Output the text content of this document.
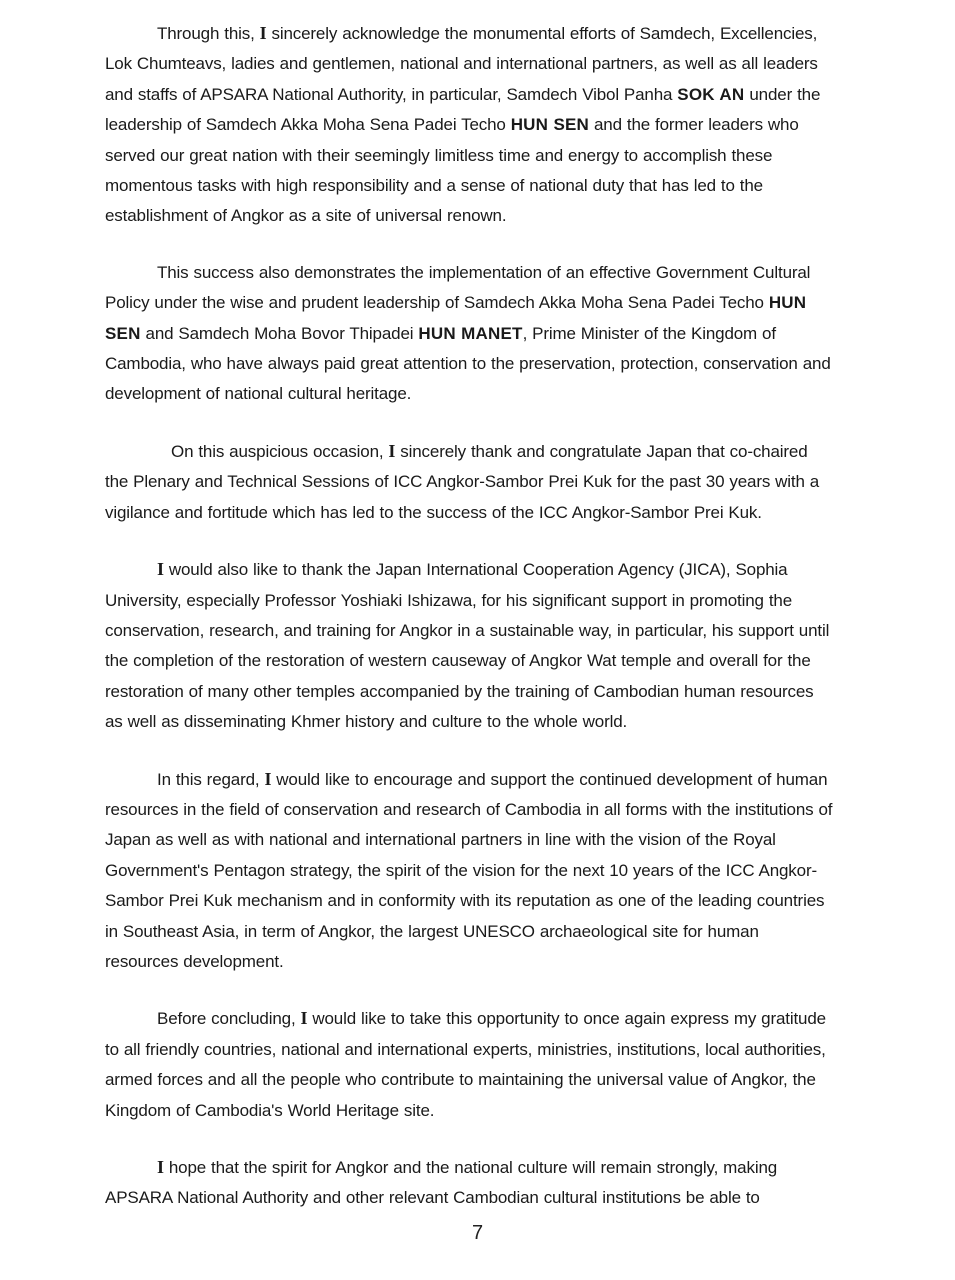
Through this, I sincerely acknowledge the monumental efforts of Samdech, Excellencies, Lok Chumteavs, ladies and gentlemen, national and international partners, as well as all leaders and staffs of APSARA National Authority, in particular, Samdech Vibol Panha SOK AN under the leadership of Samdech Akka Moha Sena Padei Techo HUN SEN and the former leaders who served our great nation with their seemingly limitless time and energy to accomplish these momentous tasks with high responsibility and a sense of national duty that has led to the establishment of Angkor as a site of universal renown.

This success also demonstrates the implementation of an effective Government Cultural Policy under the wise and prudent leadership of Samdech Akka Moha Sena Padei Techo HUN SEN and Samdech Moha Bovor Thipadei HUN MANET, Prime Minister of the Kingdom of Cambodia, who have always paid great attention to the preservation, protection, conservation and development of national cultural heritage.

On this auspicious occasion, I sincerely thank and congratulate Japan that co-chaired the Plenary and Technical Sessions of ICC Angkor-Sambor Prei Kuk for the past 30 years with a vigilance and fortitude which has led to the success of the ICC Angkor-Sambor Prei Kuk.

I would also like to thank the Japan International Cooperation Agency (JICA), Sophia University, especially Professor Yoshiaki Ishizawa, for his significant support in promoting the conservation, research, and training for Angkor in a sustainable way, in particular, his support until the completion of the restoration of western causeway of Angkor Wat temple and overall for the restoration of many other temples accompanied by the training of Cambodian human resources as well as disseminating Khmer history and culture to the whole world.

In this regard, I would like to encourage and support the continued development of human resources in the field of conservation and research of Cambodia in all forms with the institutions of Japan as well as with national and international partners in line with the vision of the Royal Government's Pentagon strategy, the spirit of the vision for the next 10 years of the ICC Angkor-Sambor Prei Kuk mechanism and in conformity with its reputation as one of the leading countries in Southeast Asia, in term of Angkor, the largest UNESCO archaeological site for human resources development.

Before concluding, I would like to take this opportunity to once again express my gratitude to all friendly countries, national and international experts, ministries, institutions, local authorities, armed forces and all the people who contribute to maintaining the universal value of Angkor, the Kingdom of Cambodia's World Heritage site.

I hope that the spirit for Angkor and the national culture will remain strongly, making APSARA National Authority and other relevant Cambodian cultural institutions be able to

7
